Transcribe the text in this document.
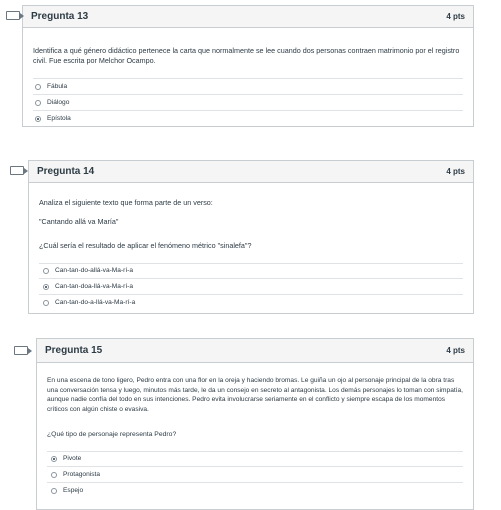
Pregunta 13	4 pts
Identifica a qué género didáctico pertenece la carta que normalmente se lee cuando dos personas contraen matrimonio por el registro civil. Fue escrita por Melchor Ocampo.
Fábula
Diálogo
Epístola
Pregunta 14	4 pts
Analiza el siguiente texto que forma parte de un verso:
"Cantando allá va María"
¿Cuál sería el resultado de aplicar el fenómeno métrico "sinalefa"?
Can-tan-do-allá-va-Ma-rí-a
Can-tan-doa-llá-va-Ma-rí-a
Can-tan-do-a-llá-va-Ma-rí-a
Pregunta 15	4 pts
En una escena de tono ligero, Pedro entra con una flor en la oreja y haciendo bromas. Le guiña un ojo al personaje principal de la obra tras una conversación tensa y luego, minutos más tarde, le da un consejo en secreto al antagonista. Los demás personajes lo toman con simpatía, aunque nadie confía del todo en sus intenciones. Pedro evita involucrarse seriamente en el conflicto y siempre escapa de los momentos críticos con algún chiste o evasiva.
¿Qué tipo de personaje representa Pedro?
Pivote
Protagonista
Espejo
